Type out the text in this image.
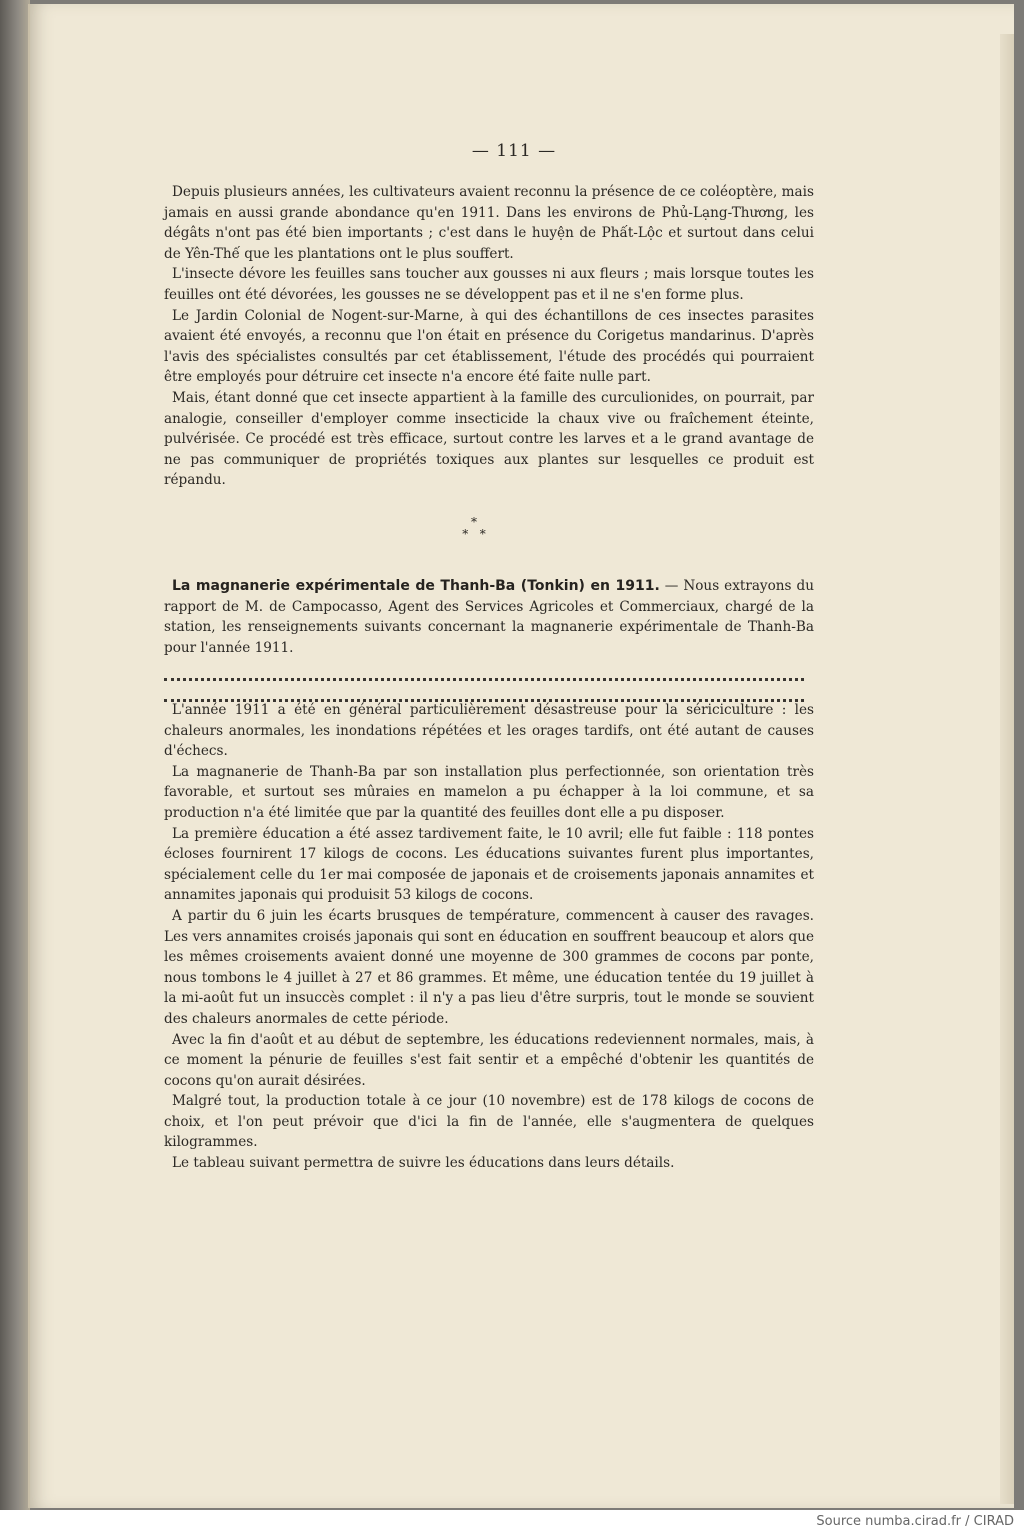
— 111 —

Depuis plusieurs années, les cultivateurs avaient reconnu la présence de ce coléoptère, mais jamais en aussi grande abondance qu'en 1911. Dans les environs de Phủ-Lạng-Thương, les dégâts n'ont pas été bien importants ; c'est dans le huyện de Phất-Lộc et surtout dans celui de Yên-Thế que les plantations ont le plus souffert.

L'insecte dévore les feuilles sans toucher aux gousses ni aux fleurs ; mais lorsque toutes les feuilles ont été dévorées, les gousses ne se développent pas et il ne s'en forme plus.

Le Jardin Colonial de Nogent-sur-Marne, à qui des échantillons de ces insectes parasites avaient été envoyés, a reconnu que l'on était en présence du Corigetus mandarinus. D'après l'avis des spécialistes consultés par cet établissement, l'étude des procédés qui pourraient être employés pour détruire cet insecte n'a encore été faite nulle part.

Mais, étant donné que cet insecte appartient à la famille des curculionides, on pourrait, par analogie, conseiller d'employer comme insecticide la chaux vive ou fraîchement éteinte, pulvérisée. Ce procédé est très efficace, surtout contre les larves et a le grand avantage de ne pas communiquer de propriétés toxiques aux plantes sur lesquelles ce produit est répandu.

*
*   *

La magnanerie expérimentale de Thanh-Ba (Tonkin) en 1911. — Nous extrayons du rapport de M. de Campocasso, Agent des Services Agricoles et Commerciaux, chargé de la station, les renseignements suivants concernant la magnanerie expérimentale de Thanh-Ba pour l'année 1911.

L'année 1911 a été en général particulièrement désastreuse pour la sériciculture : les chaleurs anormales, les inondations répétées et les orages tardifs, ont été autant de causes d'échecs.

La magnanerie de Thanh-Ba par son installation plus perfectionnée, son orientation très favorable, et surtout ses mûraies en mamelon a pu échapper à la loi commune, et sa production n'a été limitée que par la quantité des feuilles dont elle a pu disposer.

La première éducation a été assez tardivement faite, le 10 avril; elle fut faible : 118 pontes écloses fournirent 17 kilogs de cocons. Les éducations suivantes furent plus importantes, spécialement celle du 1er mai composée de japonais et de croisements japonais annamites et annamites japonais qui produisit 53 kilogs de cocons.

A partir du 6 juin les écarts brusques de température, commencent à causer des ravages. Les vers annamites croisés japonais qui sont en éducation en souffrent beaucoup et alors que les mêmes croisements avaient donné une moyenne de 300 grammes de cocons par ponte, nous tombons le 4 juillet à 27 et 86 grammes. Et même, une éducation tentée du 19 juillet à la mi-août fut un insuccès complet : il n'y a pas lieu d'être surpris, tout le monde se souvient des chaleurs anormales de cette période.

Avec la fin d'août et au début de septembre, les éducations redeviennent normales, mais, à ce moment la pénurie de feuilles s'est fait sentir et a empêché d'obtenir les quantités de cocons qu'on aurait désirées.

Malgré tout, la production totale à ce jour (10 novembre) est de 178 kilogs de cocons de choix, et l'on peut prévoir que d'ici la fin de l'année, elle s'augmentera de quelques kilogrammes.

Le tableau suivant permettra de suivre les éducations dans leurs détails.

Source numba.cirad.fr / CIRAD
